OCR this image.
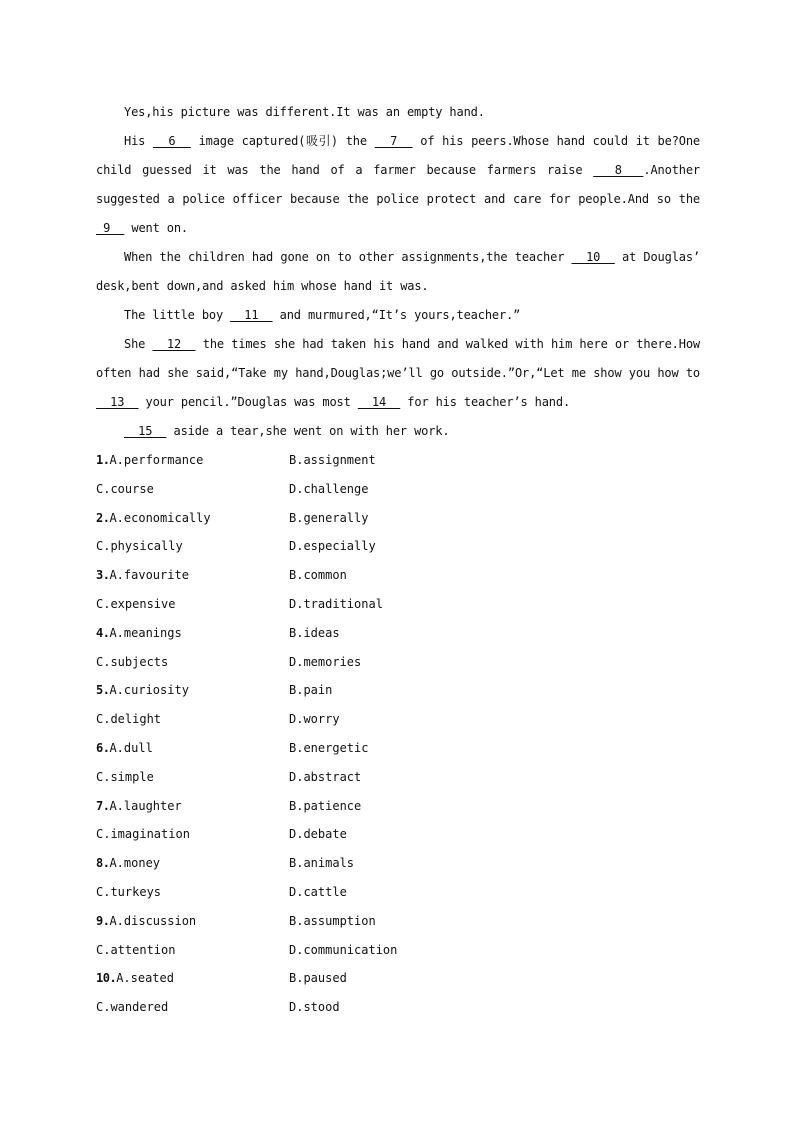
Yes,his picture was different.It was an empty hand.

His   6   image captured(吸引) the   7   of his peers.Whose hand could it be?One child guessed it was the hand of a farmer because farmers raise   8  .Another suggested a police officer because the police protect and care for people.And so the _9   went on.

When the children had gone on to other assignments,the teacher   10   at Douglas’ desk,bent down,and asked him whose hand it was.

The little boy   11   and murmured,“It’s yours,teacher.”

She   12   the times she had taken his hand and walked with him here or there.How often had she said,“Take my hand,Douglas;we’ll go outside.”Or,“Let me show you how to   13   your pencil.”Douglas was most   14   for his teacher’s hand.

15   aside a tear,she went on with her work.

1.A.performance	B.assignment
C.course	D.challenge
2.A.economically	B.generally
C.physically	D.especially
3.A.favourite	B.common
C.expensive	D.traditional
4.A.meanings	B.ideas
C.subjects	D.memories
5.A.curiosity	B.pain
C.delight	D.worry
6.A.dull	B.energetic
C.simple	D.abstract
7.A.laughter	B.patience
C.imagination	D.debate
8.A.money	B.animals
C.turkeys	D.cattle
9.A.discussion	B.assumption
C.attention	D.communication
10.A.seated	B.paused
C.wandered	D.stood
